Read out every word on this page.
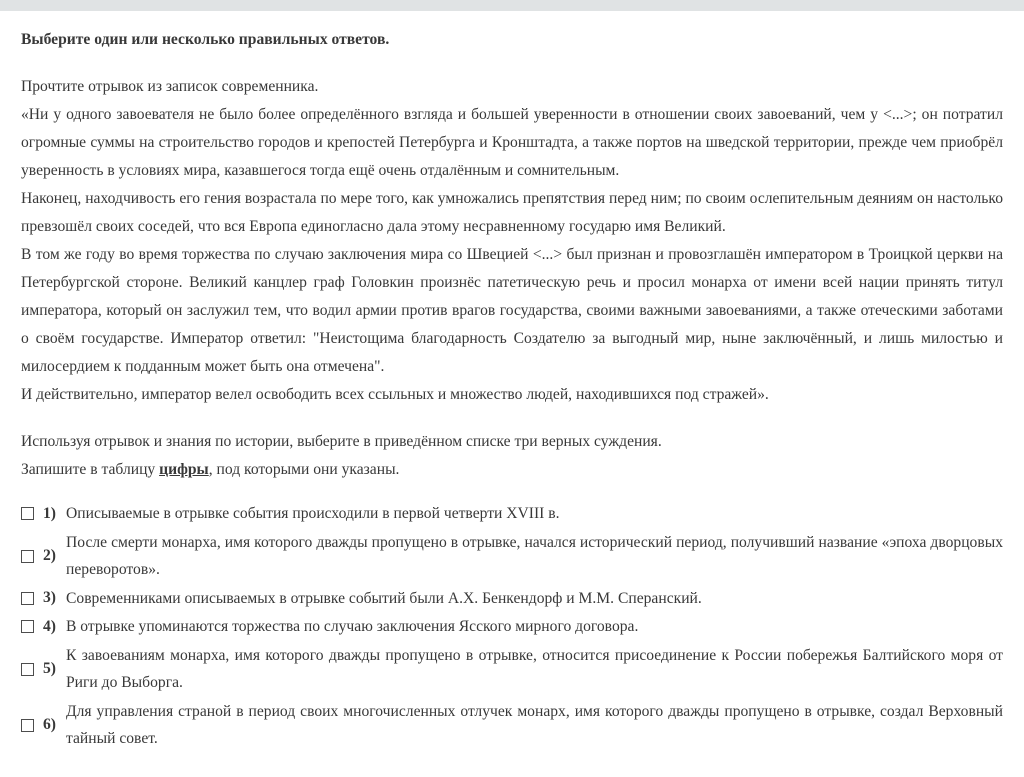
Выберите один или несколько правильных ответов.
Прочтите отрывок из записок современника.
«Ни у одного завоевателя не было более определённого взгляда и большей уверенности в отношении своих завоеваний, чем у <...>; он потратил огромные суммы на строительство городов и крепостей Петербурга и Кронштадта, а также портов на шведской территории, прежде чем приобрёл уверенность в условиях мира, казавшегося тогда ещё очень отдалённым и сомнительным.
Наконец, находчивость его гения возрастала по мере того, как умножались препятствия перед ним; по своим ослепительным деяниям он настолько превзошёл своих соседей, что вся Европа единогласно дала этому несравненному государю имя Великий.
В том же году во время торжества по случаю заключения мира со Швецией <...> был признан и провозглашён императором в Троицкой церкви на Петербургской стороне. Великий канцлер граф Головкин произнёс патетическую речь и просил монарха от имени всей нации принять титул императора, который он заслужил тем, что водил армии против врагов государства, своими важными завоеваниями, а также отеческими заботами о своём государстве. Император ответил: "Неистощима благодарность Создателю за выгодный мир, ныне заключённый, и лишь милостью и милосердием к подданным может быть она отмечена".
И действительно, император велел освободить всех ссыльных и множество людей, находившихся под стражей».
Используя отрывок и знания по истории, выберите в приведённом списке три верных суждения.
Запишите в таблицу цифры, под которыми они указаны.
1) Описываемые в отрывке события происходили в первой четверти XVIII в.
2)
После смерти монарха, имя которого дважды пропущено в отрывке, начался исторический период, получивший название «эпоха дворцовых переворотов».
3) Современниками описываемых в отрывке событий были А.Х. Бенкендорф и М.М. Сперанский.
4) В отрывке упоминаются торжества по случаю заключения Ясского мирного договора.
5)
К завоеваниям монарха, имя которого дважды пропущено в отрывке, относится присоединение к России побережья Балтийского моря от Риги до Выборга.
6)
Для управления страной в период своих многочисленных отлучек монарх, имя которого дважды пропущено в отрывке, создал Верховный тайный совет.
